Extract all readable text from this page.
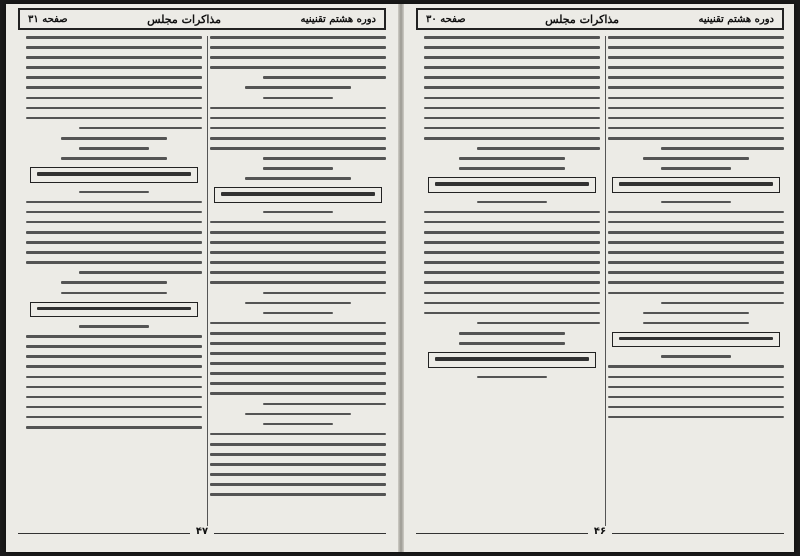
دوره هشتم تقنینیه
مذاکرات مجلس
صفحه ۳۱
۴۷
دوره هشتم تقنینیه
مذاکرات مجلس
صفحه ۳۰
۴۶
